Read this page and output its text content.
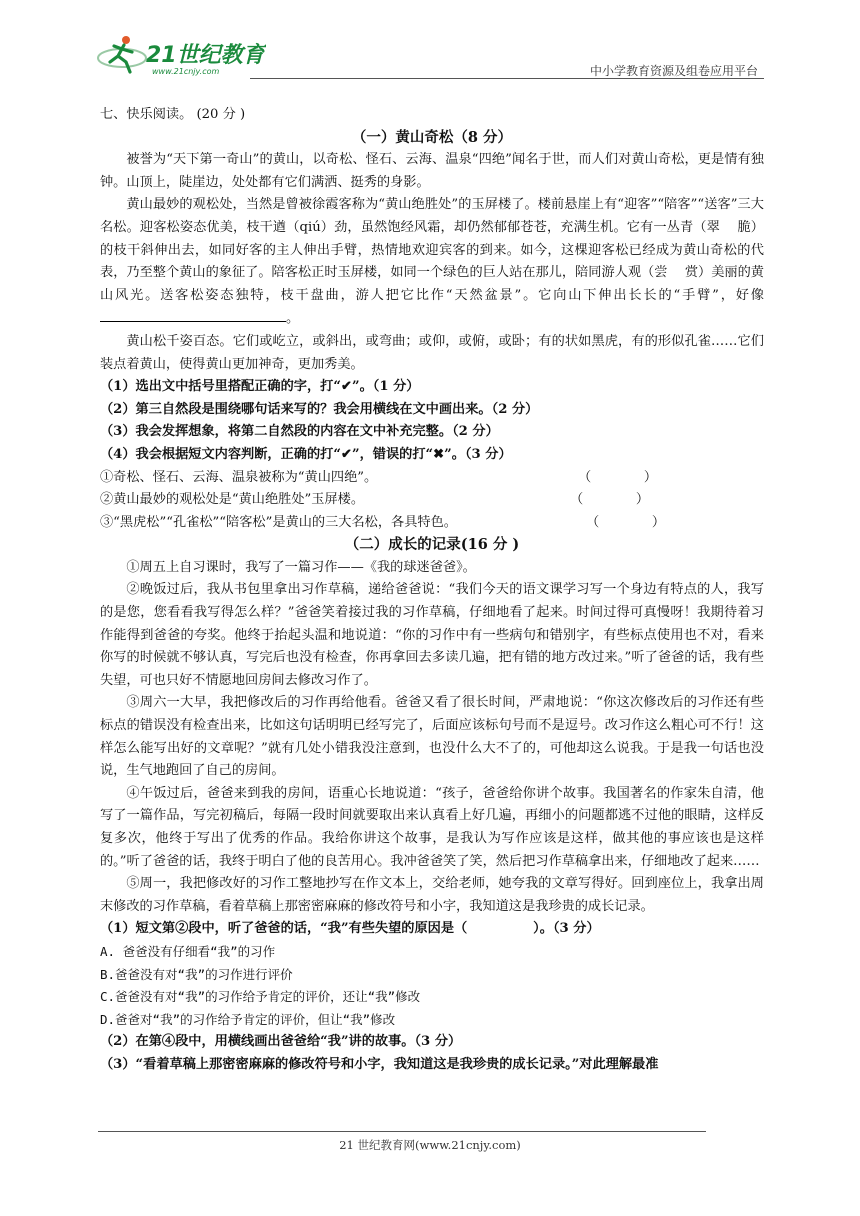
21世纪教育
www.21cnjy.com	中小学教育资源及组卷应用平台
七、快乐阅读。 (20 分 )
（一）黄山奇松（8 分）
被誉为“天下第一奇山”的黄山，以奇松、怪石、云海、温泉“四绝”闻名于世，而人们对黄山奇松，更是情有独钟。山顶上，陡崖边，处处都有它们满洒、挺秀的身影。
黄山最妙的观松处，当然是曾被徐霞客称为“黄山绝胜处”的玉屏楼了。楼前悬崖上有“迎客”“陪客”“送客”三大名松。迎客松姿态优美，枝干遒（qiú）劲，虽然饱经风霜，却仍然郁郁苍苍，充满生机。它有一丛青（翠　 脆）的枝干斜伸出去，如同好客的主人伸出手臂，热情地欢迎宾客的到来。如今，这棵迎客松已经成为黄山奇松的代表，乃至整个黄山的象征了。陪客松正时玉屏楼，如同一个绿色的巨人站在那儿，陪同游人观（尝　 赏）美丽的黄山风光。送客松姿态独特，枝干盘曲，游人把它比作“天然盆景”。它向山下伸出长长的“手臂”，好像。
黄山松千姿百态。它们或屹立，或斜出，或弯曲；或仰，或俯，或卧；有的状如黑虎，有的形似孔雀……它们装点着黄山，使得黄山更加神奇，更加秀美。
（1）选出文中括号里搭配正确的字，打“✔”。（1 分）
（2）第三自然段是围绕哪句话来写的？我会用横线在文中画出来。（2 分）
（3）我会发挥想象，将第二自然段的内容在文中补充完整。（2 分）
（4）我会根据短文内容判断，正确的打“✔”，错误的打“✖”。（3 分）
①奇松、怪石、云海、温泉被称为“黄山四绝”。	（　　　　）
②黄山最妙的观松处是“黄山绝胜处”玉屏楼。	（　　　　）
③“黑虎松”“孔雀松”“陪客松”是黄山的三大名松，各具特色。	（　　　　）
（二）成长的记录(16 分 )
①周五上自习课时，我写了一篇习作——《我的球迷爸爸》。
②晚饭过后，我从书包里拿出习作草稿，递给爸爸说：“我们今天的语文课学习写一个身边有特点的人，我写的是您，您看看我写得怎么样？”爸爸笑着接过我的习作草稿，仔细地看了起来。时间过得可真慢呀！我期待着习作能得到爸爸的夸奖。他终于抬起头温和地说道：“你的习作中有一些病句和错别字，有些标点使用也不对，看来你写的时候就不够认真，写完后也没有检查，你再拿回去多读几遍，把有错的地方改过来。”听了爸爸的话，我有些失望，可也只好不情愿地回房间去修改习作了。
③周六一大早，我把修改后的习作再给他看。爸爸又看了很长时间，严肃地说：“你这次修改后的习作还有些标点的错误没有检查出来，比如这句话明明已经写完了，后面应该标句号而不是逗号。改习作这么粗心可不行！这样怎么能写出好的文章呢？”就有几处小错我没注意到，也没什么大不了的，可他却这么说我。于是我一句话也没说，生气地跑回了自己的房间。
④午饭过后，爸爸来到我的房间，语重心长地说道：“孩子，爸爸给你讲个故事。我国著名的作家朱自清，他写了一篇作品，写完初稿后，每隔一段时间就要取出来认真看上好几遍，再细小的问题都逃不过他的眼睛，这样反复多次，他终于写出了优秀的作品。我给你讲这个故事，是我认为写作应该是这样，做其他的事应该也是这样的。”听了爸爸的话，我终于明白了他的良苦用心。我冲爸爸笑了笑，然后把习作草稿拿出来，仔细地改了起来……
⑤周一，我把修改好的习作工整地抄写在作文本上，交给老师，她夸我的文章写得好。回到座位上，我拿出周末修改的习作草稿，看着草稿上那密密麻麻的修改符号和小字，我知道这是我珍贵的成长记录。
（1）短文第②段中，听了爸爸的话，“我”有些失望的原因是（　　　　　）。（3 分）
A. 爸爸没有仔细看“我”的习作
B.爸爸没有对“我”的习作进行评价
C.爸爸没有对“我”的习作给予肯定的评价，还让“我”修改
D.爸爸对“我”的习作给予肯定的评价，但让“我”修改
（2）在第④段中，用横线画出爸爸给“我”讲的故事。（3 分）
（3）“看着草稿上那密密麻麻的修改符号和小字，我知道这是我珍贵的成长记录。”对此理解最准
21 世纪教育网(www.21cnjy.com)
